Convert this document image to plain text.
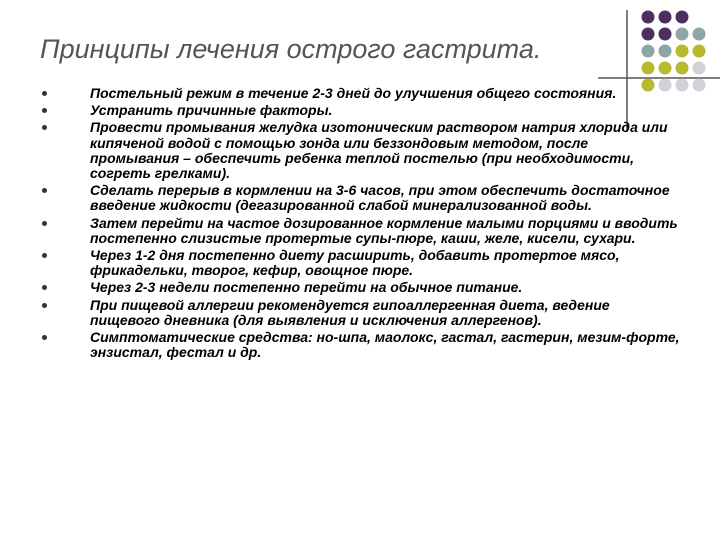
Принципы лечения острого гастрита.
Постельный режим в течение 2-3 дней до улучшения общего состояния.
Устранить причинные факторы.
Провести промывания желудка изотоническим раствором натрия хлорида или кипяченой водой с помощью зонда или беззондовым методом, после промывания – обеспечить ребенка теплой постелью (при необходимости, согреть грелками).
Сделать перерыв в кормлении на 3-6 часов, при этом обеспечить достаточное введение жидкости (дегазированной слабой минерализованной воды.
Затем перейти на частое дозированное кормление малыми порциями и вводить постепенно слизистые протертые супы-пюре, каши, желе, кисели, сухари.
Через 1-2 дня постепенно диету расширить, добавить протертое мясо, фрикадельки, творог, кефир, овощное пюре.
Через 2-3 недели постепенно перейти на обычное питание.
При пищевой аллергии рекомендуется гипоаллергенная диета, ведение пищевого дневника (для выявления и исключения аллергенов).
Симптоматические средства: но-шпа, маолокс, гастал, гастерин, мезим-форте, энзистал, фестал и др.
